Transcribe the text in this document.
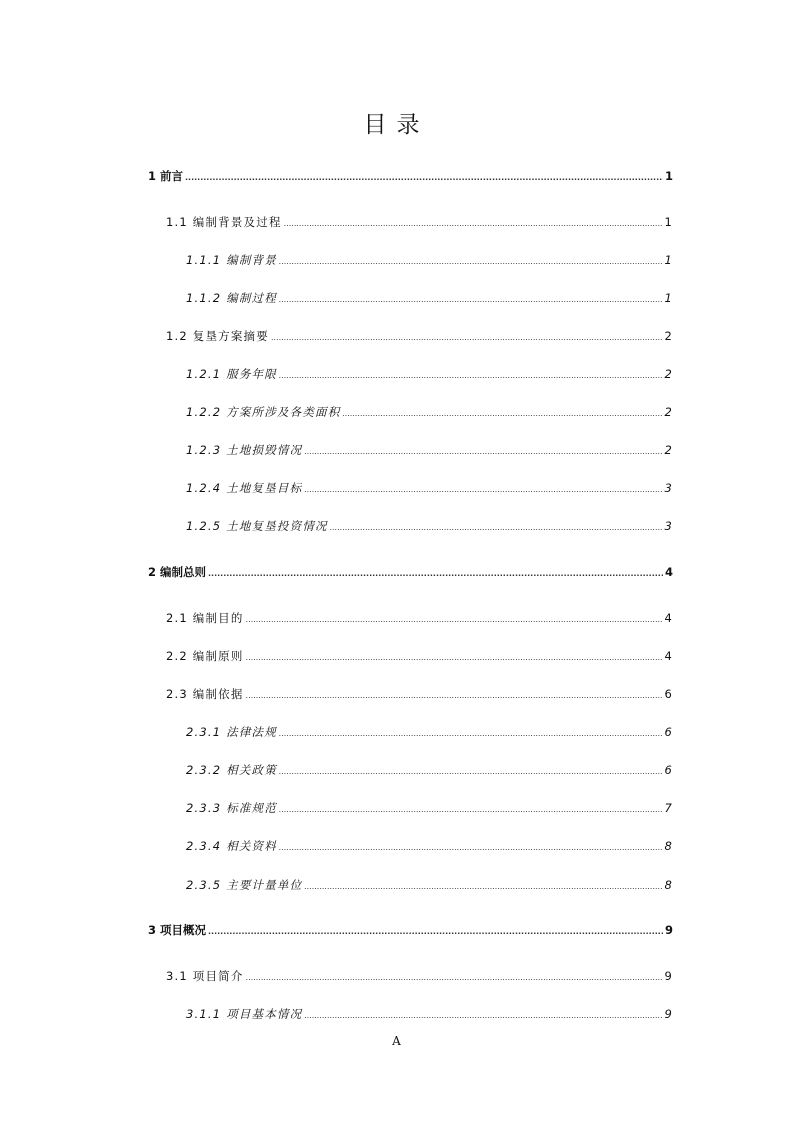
目录
1 前言 .....	1
1.1 编制背景及过程 .....	1
1.1.1 编制背景 .....	1
1.1.2 编制过程 .....	1
1.2 复垦方案摘要 .....	2
1.2.1 服务年限 .....	2
1.2.2 方案所涉及各类面积 .....	2
1.2.3 土地损毁情况 .....	2
1.2.4 土地复垦目标 .....	3
1.2.5 土地复垦投资情况 .....	3
2 编制总则 .....	4
2.1 编制目的 .....	4
2.2 编制原则 .....	4
2.3 编制依据 .....	6
2.3.1 法律法规 .....	6
2.3.2 相关政策 .....	6
2.3.3 标准规范 .....	7
2.3.4 相关资料 .....	8
2.3.5 主要计量单位 .....	8
3 项目概况 .....	9
3.1 项目简介 .....	9
3.1.1 项目基本情况 .....	9
A
